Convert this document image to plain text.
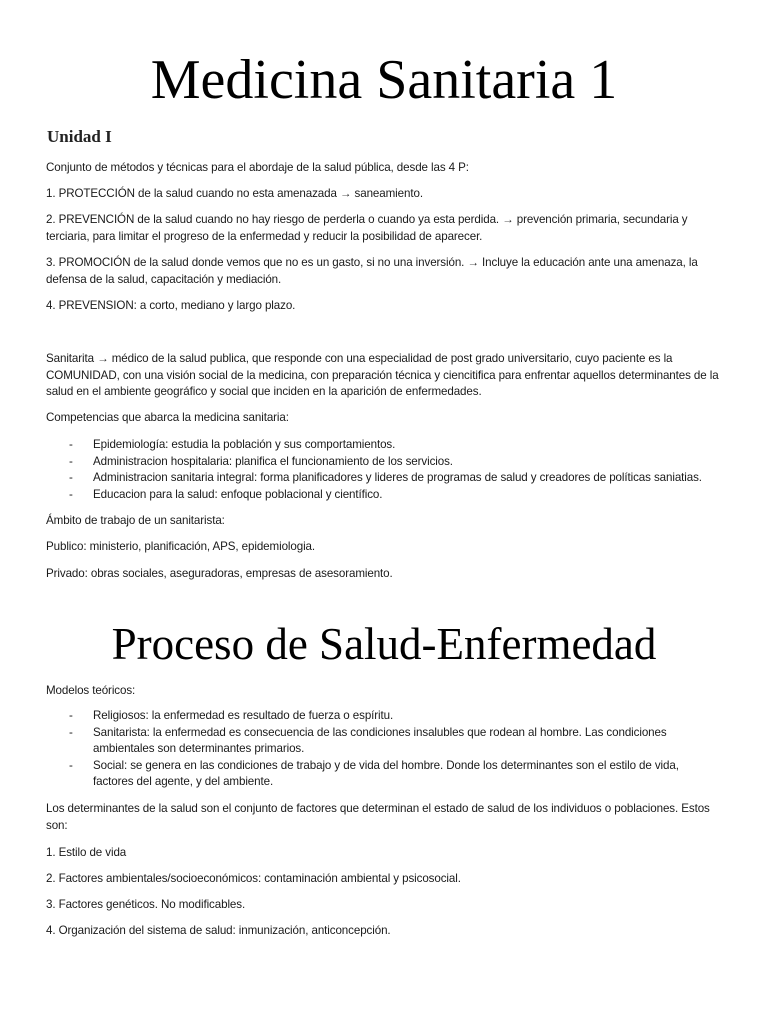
Medicina Sanitaria 1
Unidad I

Conjunto de métodos y técnicas para el abordaje de la salud pública, desde las 4 P:

1. PROTECCIÓN de la salud cuando no esta amenazada → saneamiento.

2. PREVENCIÓN de la salud cuando no hay riesgo de perderla o cuando ya esta perdida. → prevención primaria, secundaria y terciaria, para limitar el progreso de la enfermedad y reducir la posibilidad de aparecer.

3. PROMOCIÓN de la salud donde vemos que no es un gasto, si no una inversión. → Incluye la educación ante una amenaza, la defensa de la salud, capacitación y mediación.

4. PREVENSION: a corto, mediano y largo plazo.

Sanitarita → médico de la salud publica, que responde con una especialidad de post grado universitario, cuyo paciente es la COMUNIDAD, con una visión social de la medicina, con preparación técnica y ciencitifica para enfrentar aquellos determinantes de la salud en el ambiente geográfico y social que inciden en la aparición de enfermedades.

Competencias que abarca la medicina sanitaria:

- Epidemiología: estudia la población y sus comportamientos.
- Administracion hospitalaria: planifica el funcionamiento de los servicios.
- Administracion sanitaria integral: forma planificadores y lideres de programas de salud y creadores de políticas saniatias.
- Educacion para la salud: enfoque poblacional y científico.

Ámbito de trabajo de un sanitarista:

Publico: ministerio, planificación, APS, epidemiologia.

Privado: obras sociales, aseguradoras, empresas de asesoramiento.

Proceso de Salud-Enfermedad

Modelos teóricos:

- Religiosos: la enfermedad es resultado de fuerza o espíritu.
- Sanitarista: la enfermedad es consecuencia de las condiciones insalubles que rodean al hombre. Las condiciones ambientales son determinantes primarios.
- Social: se genera en las condiciones de trabajo y de vida del hombre. Donde los determinantes son el estilo de vida, factores del agente, y del ambiente.

Los determinantes de la salud son el conjunto de factores que determinan el estado de salud de los individuos o poblaciones. Estos son:

1. Estilo de vida

2. Factores ambientales/socioeconómicos: contaminación ambiental y psicosocial.

3. Factores genéticos. No modificables.

4. Organización del sistema de salud: inmunización, anticoncepción.
